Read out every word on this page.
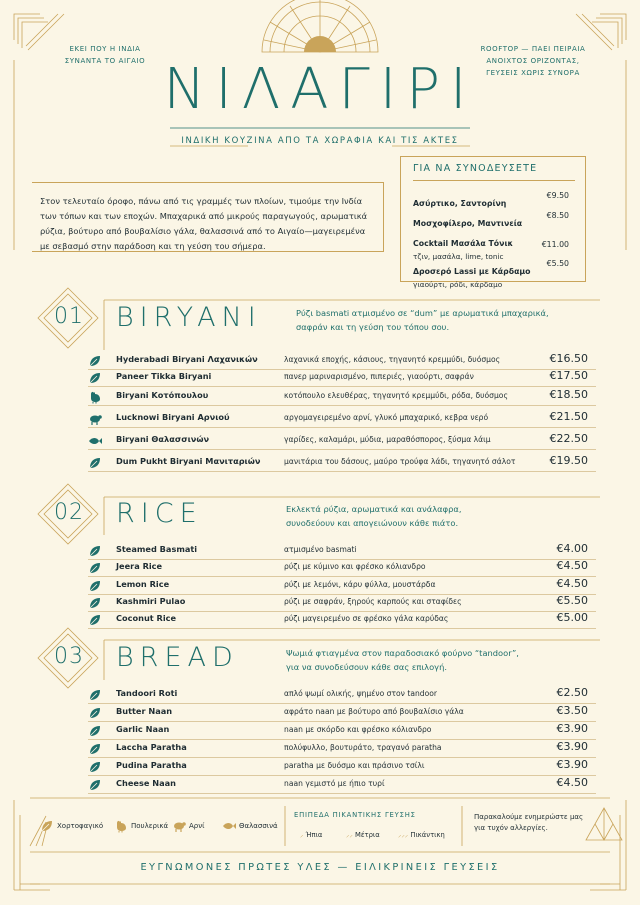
ΕΚΕΙ ΠΟΥ Η ΙΝΔΙΑ
ΣΥΝΑΝΤΑ ΤΟ ΑΙΓΑΙΟ
ROOFTOP — ΠΑΕΙ ΠΕΙΡΑΙΑ
ΑΝΟΙΧΤΟΣ ΟΡΙΖΟΝΤΑΣ,
ΓΕΥΣΕΙΣ ΧΩΡΙΣ ΣΥΝΟΡΑ
ΝΙΛΑΓΙΡΙ
ΙΝΔΙΚΗ ΚΟΥΖΙΝΑ ΑΠΟ ΤΑ ΧΩΡΑΦΙΑ ΚΑΙ ΤΙΣ ΑΚΤΕΣ
Στον τελευταίο όροφο, πάνω από τις γραμμές των πλοίων, τιμούμε την Ινδία των τόπων και των εποχών. Μπαχαρικά από μικρούς παραγωγούς, αρωματικά ρύζια, βούτυρο από βουβαλίσιο γάλα, θαλασσινά από το Αιγαίο—μαγειρεμένα με σεβασμό στην παράδοση και τη γεύση του σήμερα.
ΓΙΑ ΝΑ ΣΥΝΟΔΕΥΣΕΤΕ
Ασύρτικο, Σαντορίνη
€9.50
Μοσχοφίλερο, Μαντινεία
€8.50
Cocktail Μασάλα Τόνικ
τζιν, μασάλα, lime, tonic
€11.00
Δροσερό Lassi με Κάρδαμο
γιαούρτι, ρόδι, κάρδαμο
€5.50
01 BIRYANI	Ρύζι basmati ατμισμένο σε “dum” με αρωματικά μπαχαρικά,
σαφράν και τη γεύση του τόπου σου.
02 RICE	Εκλεκτά ρύζια, αρωματικά και ανάλαφρα,
συνοδεύουν και απογειώνουν κάθε πιάτο.
03 BREAD	Ψωμιά φτιαγμένα στον παραδοσιακό φούρνο “tandoor”,
για να συνοδεύσουν κάθε σας επιλογή.
Hyderabadi Biryani Λαχανικών	λαχανικά εποχής, κάσιους, τηγανητό κρεμμύδι, δυόσμος	€16.50
Paneer Tikka Biryani	πανερ μαριναρισμένο, πιπεριές, γιαούρτι, σαφράν	€17.50
Biryani Κοτόπουλου	κοτόπουλο ελευθέρας, τηγανητό κρεμμύδι, ρόδα, δυόσμος	€18.50
Lucknowi Biryani Αρνιού	αργομαγειρεμένο αρνί, γλυκό μπαχαρικό, κεβρα νερό	€21.50
Biryani Θαλασσινών	γαρίδες, καλαμάρι, μύδια, μαραθόσπορος, ξύσμα λάιμ	€22.50
Dum Pukht Biryani Μανιταριών	μανιτάρια του δάσους, μαύρο τρούφα λάδι, τηγανητό σάλοτ	€19.50
Steamed Basmati	ατμισμένο basmati	€4.00
Jeera Rice	ρύζι με κύμινο και φρέσκο κόλιανδρο	€4.50
Lemon Rice	ρύζι με λεμόνι, κάρυ φύλλα, μουστάρδα	€4.50
Kashmiri Pulao	ρύζι με σαφράν, ξηρούς καρπούς και σταφίδες	€5.50
Coconut Rice	ρύζι μαγειρεμένο σε φρέσκο γάλα καρύδας	€5.00
Tandoori Roti	απλό ψωμί ολικής, ψημένο στον tandoor	€2.50
Butter Naan	αφράτο naan με βούτυρο από βουβαλίσιο γάλα	€3.50
Garlic Naan	naan με σκόρδο και φρέσκο κόλιανδρο	€3.90
Laccha Paratha	πολύφυλλο, βουτυράτο, τραγανό paratha	€3.90
Pudina Paratha	paratha με δυόσμο και πράσινο τσίλι	€3.90
Cheese Naan	naan γεμιστό με ήπιο τυρί	€4.50
Χορτοφαγικό	Πουλερικά	Αρνί	Θαλασσινά
ΕΠΙΠΕΔΑ ΠΙΚΑΝΤΙΚΗΣ ΓΕΥΣΗΣ
⸝ Ήπια	⸝⸝ Μέτρια	⸝⸝⸝ Πικάντικη
Παρακαλούμε ενημερώστε μας για τυχόν αλλεργίες.
ΕΥΓΝΩΜΟΝΕΣ ΠΡΩΤΕΣ ΥΛΕΣ — ΕΙΛΙΚΡΙΝΕΙΣ ΓΕΥΣΕΙΣ
